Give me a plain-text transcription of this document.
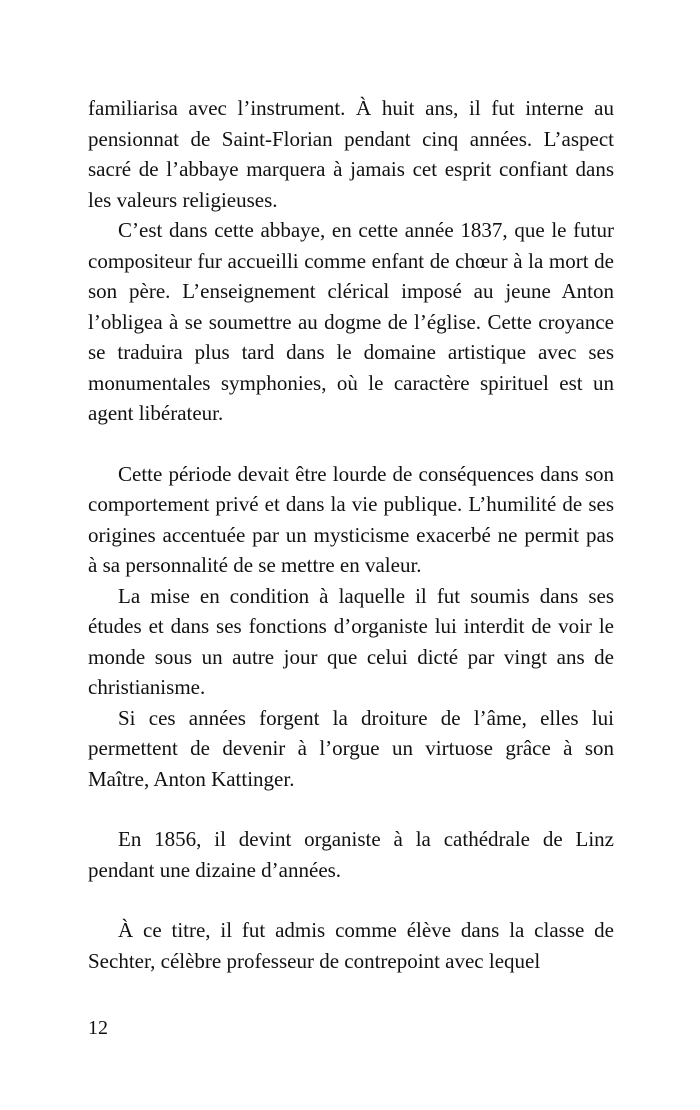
familiarisa avec l’instrument. À huit ans, il fut interne au pensionnat de Saint-Florian pendant cinq années. L’aspect sacré de l’abbaye marquera à jamais cet esprit confiant dans les valeurs religieuses.

C’est dans cette abbaye, en cette année 1837, que le futur compositeur fur accueilli comme enfant de chœur à la mort de son père. L’enseignement clérical imposé au jeune Anton l’obligea à se soumettre au dogme de l’église. Cette croyance se traduira plus tard dans le domaine artistique avec ses monumentales symphonies, où le caractère spirituel est un agent libérateur.

Cette période devait être lourde de conséquences dans son comportement privé et dans la vie publique. L’humilité de ses origines accentuée par un mysticisme exacerbé ne permit pas à sa personnalité de se mettre en valeur.

La mise en condition à laquelle il fut soumis dans ses études et dans ses fonctions d’organiste lui interdit de voir le monde sous un autre jour que celui dicté par vingt ans de christianisme.

Si ces années forgent la droiture de l’âme, elles lui permettent de devenir à l’orgue un virtuose grâce à son Maître, Anton Kattinger.

En 1856, il devint organiste à la cathédrale de Linz pendant une dizaine d’années.

À ce titre, il fut admis comme élève dans la classe de Sechter, célèbre professeur de contrepoint avec lequel

12
